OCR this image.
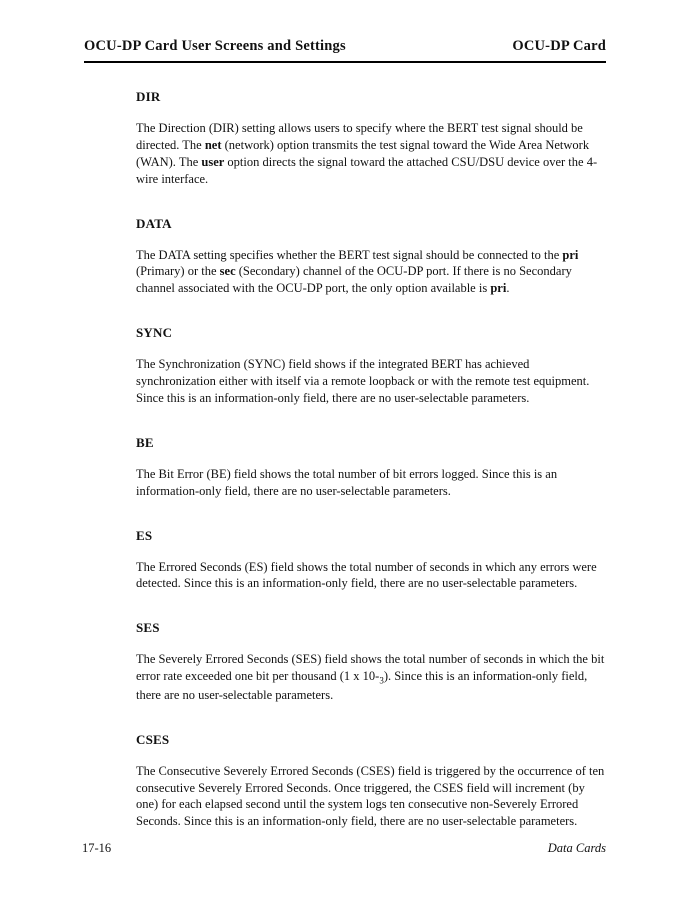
OCU-DP Card User Screens and Settings	OCU-DP Card
DIR

The Direction (DIR) setting allows users to specify where the BERT test signal should be directed. The net (network) option transmits the test signal toward the Wide Area Network (WAN). The user option directs the signal toward the attached CSU/DSU device over the 4-wire interface.

DATA

The DATA setting specifies whether the BERT test signal should be connected to the pri (Primary) or the sec (Secondary) channel of the OCU-DP port. If there is no Secondary channel associated with the OCU-DP port, the only option available is pri.

SYNC

The Synchronization (SYNC) field shows if the integrated BERT has achieved synchronization either with itself via a remote loopback or with the remote test equipment. Since this is an information-only field, there are no user-selectable parameters.

BE

The Bit Error (BE) field shows the total number of bit errors logged. Since this is an information-only field, there are no user-selectable parameters.

ES

The Errored Seconds (ES) field shows the total number of seconds in which any errors were detected. Since this is an information-only field, there are no user-selectable parameters.

SES

The Severely Errored Seconds (SES) field shows the total number of seconds in which the bit error rate exceeded one bit per thousand (1 x $10-_3$). Since this is an information-only field, there are no user-selectable parameters.

CSES

The Consecutive Severely Errored Seconds (CSES) field is triggered by the occurrence of ten consecutive Severely Errored Seconds. Once triggered, the CSES field will increment (by one) for each elapsed second until the system logs ten consecutive non-Severely Errored Seconds. Since this is an information-only field, there are no user-selectable parameters.

17-16	Data Cards
